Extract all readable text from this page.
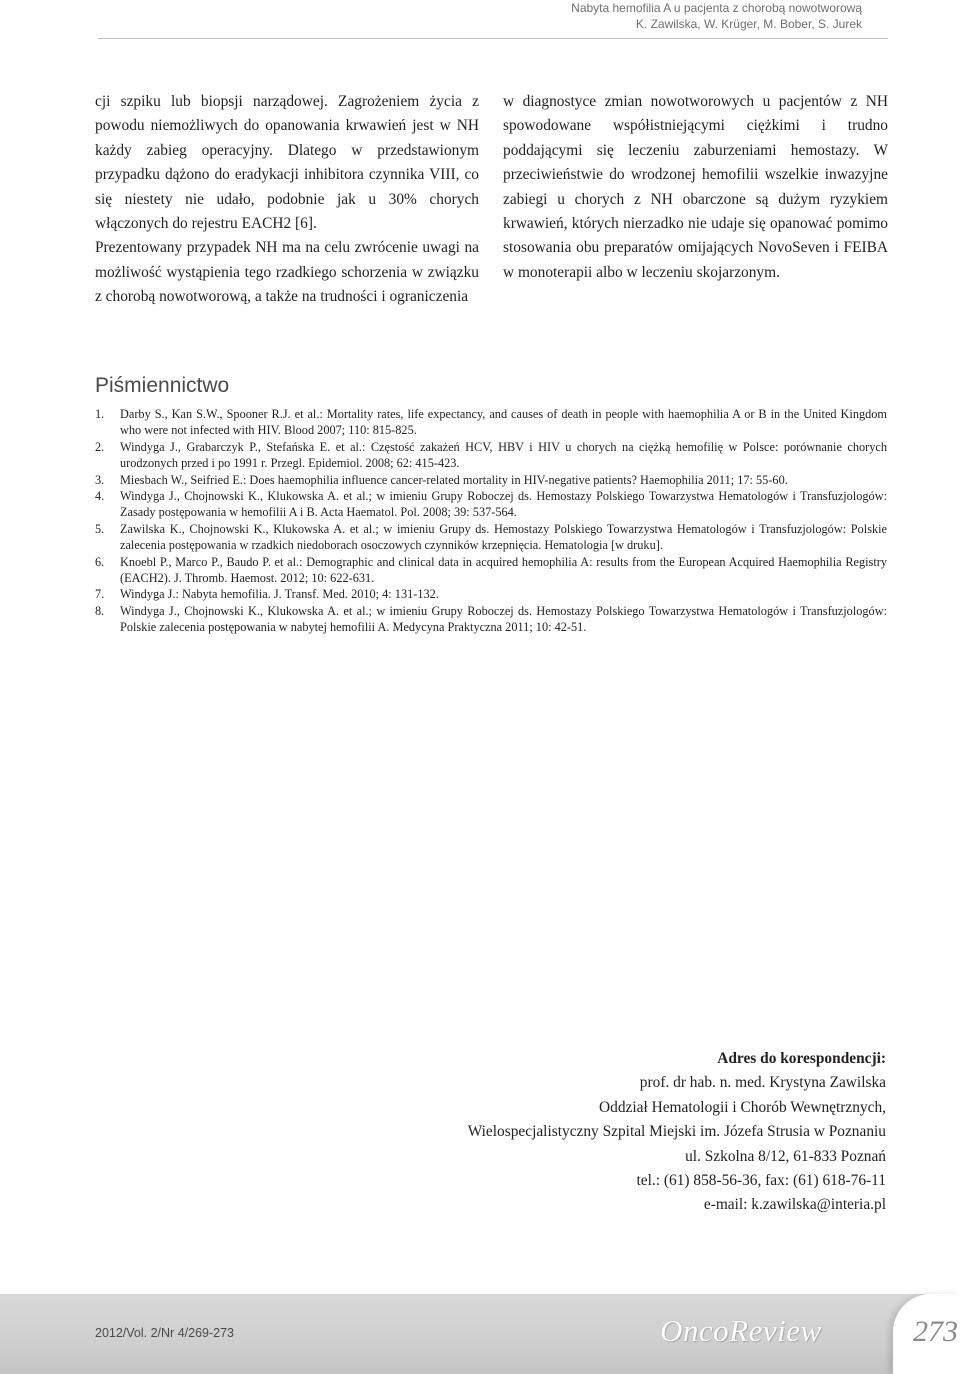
Nabyta hemofilia A u pacjenta z chorobą nowotworową
K. Zawilska, W. Krüger, M. Bober, S. Jurek

cji szpiku lub biopsji narządowej. Zagrożeniem życia z powodu niemożliwych do opanowania krwawień jest w NH każdy zabieg operacyjny. Dlatego w przedstawionym przypadku dążono do eradykacji inhibitora czynnika VIII, co się niestety nie udało, podobnie jak u 30% chorych włączonych do rejestru EACH2 [6].

Prezentowany przypadek NH ma na celu zwrócenie uwagi na możliwość wystąpienia tego rzadkiego schorzenia w związku z chorobą nowotworową, a także na trudności i ograniczenia

w diagnostyce zmian nowotworowych u pacjentów z NH spowodowane współistniejącymi ciężkimi i trudno poddającymi się leczeniu zaburzeniami hemostazy. W przeciwieństwie do wrodzonej hemofilii wszelkie inwazyjne zabiegi u chorych z NH obarczone są dużym ryzykiem krwawień, których nierzadko nie udaje się opanować pomimo stosowania obu preparatów omijających NovoSeven i FEIBA w monoterapii albo w leczeniu skojarzonym.

Piśmiennictwo
1. Darby S., Kan S.W., Spooner R.J. et al.: Mortality rates, life expectancy, and causes of death in people with haemophilia A or B in the United Kingdom who were not infected with HIV. Blood 2007; 110: 815-825.
2. Windyga J., Grabarczyk P., Stefańska E. et al.: Częstość zakażeń HCV, HBV i HIV u chorych na ciężką hemofilię w Polsce: porównanie chorych urodzonych przed i po 1991 r. Przegl. Epidemiol. 2008; 62: 415-423.
3. Miesbach W., Seifried E.: Does haemophilia influence cancer-related mortality in HIV-negative patients? Haemophilia 2011; 17: 55-60.
4. Windyga J., Chojnowski K., Klukowska A. et al.; w imieniu Grupy Roboczej ds. Hemostazy Polskiego Towarzystwa Hematologów i Transfuzjologów: Zasady postępowania w hemofilii A i B. Acta Haematol. Pol. 2008; 39: 537-564.
5. Zawilska K., Chojnowski K., Klukowska A. et al.; w imieniu Grupy ds. Hemostazy Polskiego Towarzystwa Hematologów i Transfuzjologów: Polskie zalecenia postępowania w rzadkich niedoborach osoczowych czynników krzepnięcia. Hematologia [w druku].
6. Knoebl P., Marco P., Baudo P. et al.: Demographic and clinical data in acquired hemophilia A: results from the European Acquired Haemophilia Registry (EACH2). J. Thromb. Haemost. 2012; 10: 622-631.
7. Windyga J.: Nabyta hemofilia. J. Transf. Med. 2010; 4: 131-132.
8. Windyga J., Chojnowski K., Klukowska A. et al.; w imieniu Grupy Roboczej ds. Hemostazy Polskiego Towarzystwa Hematologów i Transfuzjologów: Polskie zalecenia postępowania w nabytej hemofilii A. Medycyna Praktyczna 2011; 10: 42-51.
Adres do korespondencji:
prof. dr hab. n. med. Krystyna Zawilska
Oddział Hematologii i Chorób Wewnętrznych,
Wielospecjalistyczny Szpital Miejski im. Józefa Strusia w Poznaniu
ul. Szkolna 8/12, 61-833 Poznań
tel.: (61) 858-56-36, fax: (61) 618-76-11
e-mail: k.zawilska@interia.pl
2012/Vol. 2/Nr 4/269-273	OncoReview	273
